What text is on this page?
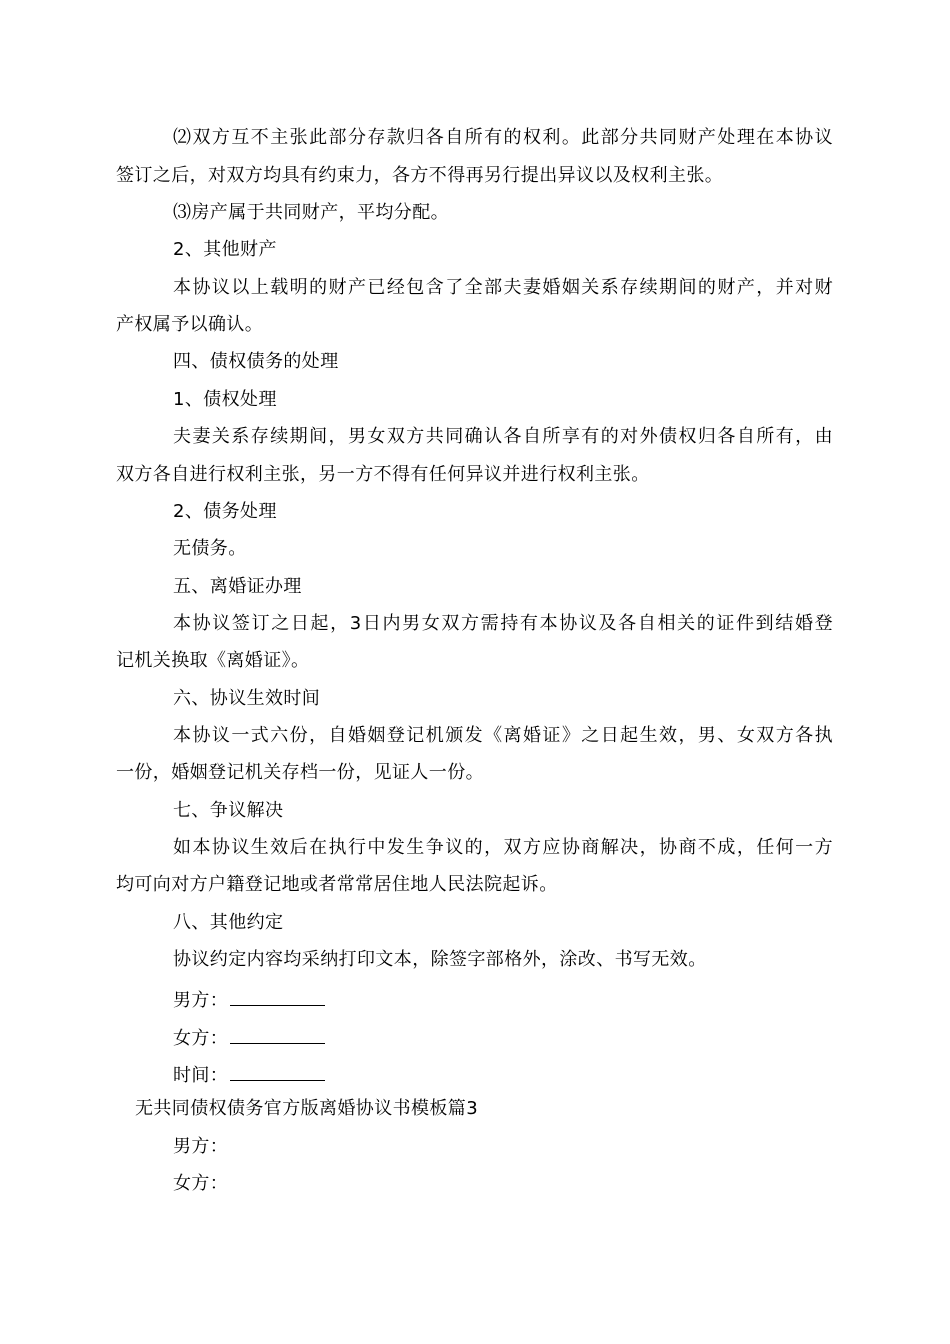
⑵双方互不主张此部分存款归各自所有的权利。此部分共同财产处理在本协议
签订之后，对双方均具有约束力，各方不得再另行提出异议以及权利主张。
⑶房产属于共同财产，平均分配。
2、其他财产
本协议以上载明的财产已经包含了全部夫妻婚姻关系存续期间的财产，并对财
产权属予以确认。
四、债权债务的处理
1、债权处理
夫妻关系存续期间，男女双方共同确认各自所享有的对外债权归各自所有，由
双方各自进行权利主张，另一方不得有任何异议并进行权利主张。
2、债务处理
无债务。
五、离婚证办理
本协议签订之日起，3日内男女双方需持有本协议及各自相关的证件到结婚登
记机关换取《离婚证》。
六、协议生效时间
本协议一式六份，自婚姻登记机颁发《离婚证》之日起生效，男、女双方各执
一份，婚姻登记机关存档一份，见证人一份。
七、争议解决
如本协议生效后在执行中发生争议的，双方应协商解决，协商不成，任何一方
均可向对方户籍登记地或者常常居住地人民法院起诉。
八、其他约定
协议约定内容均采纳打印文本，除签字部格外，涂改、书写无效。
男方：
女方：
时间：
无共同债权债务官方版离婚协议书模板篇3
男方：
女方：
